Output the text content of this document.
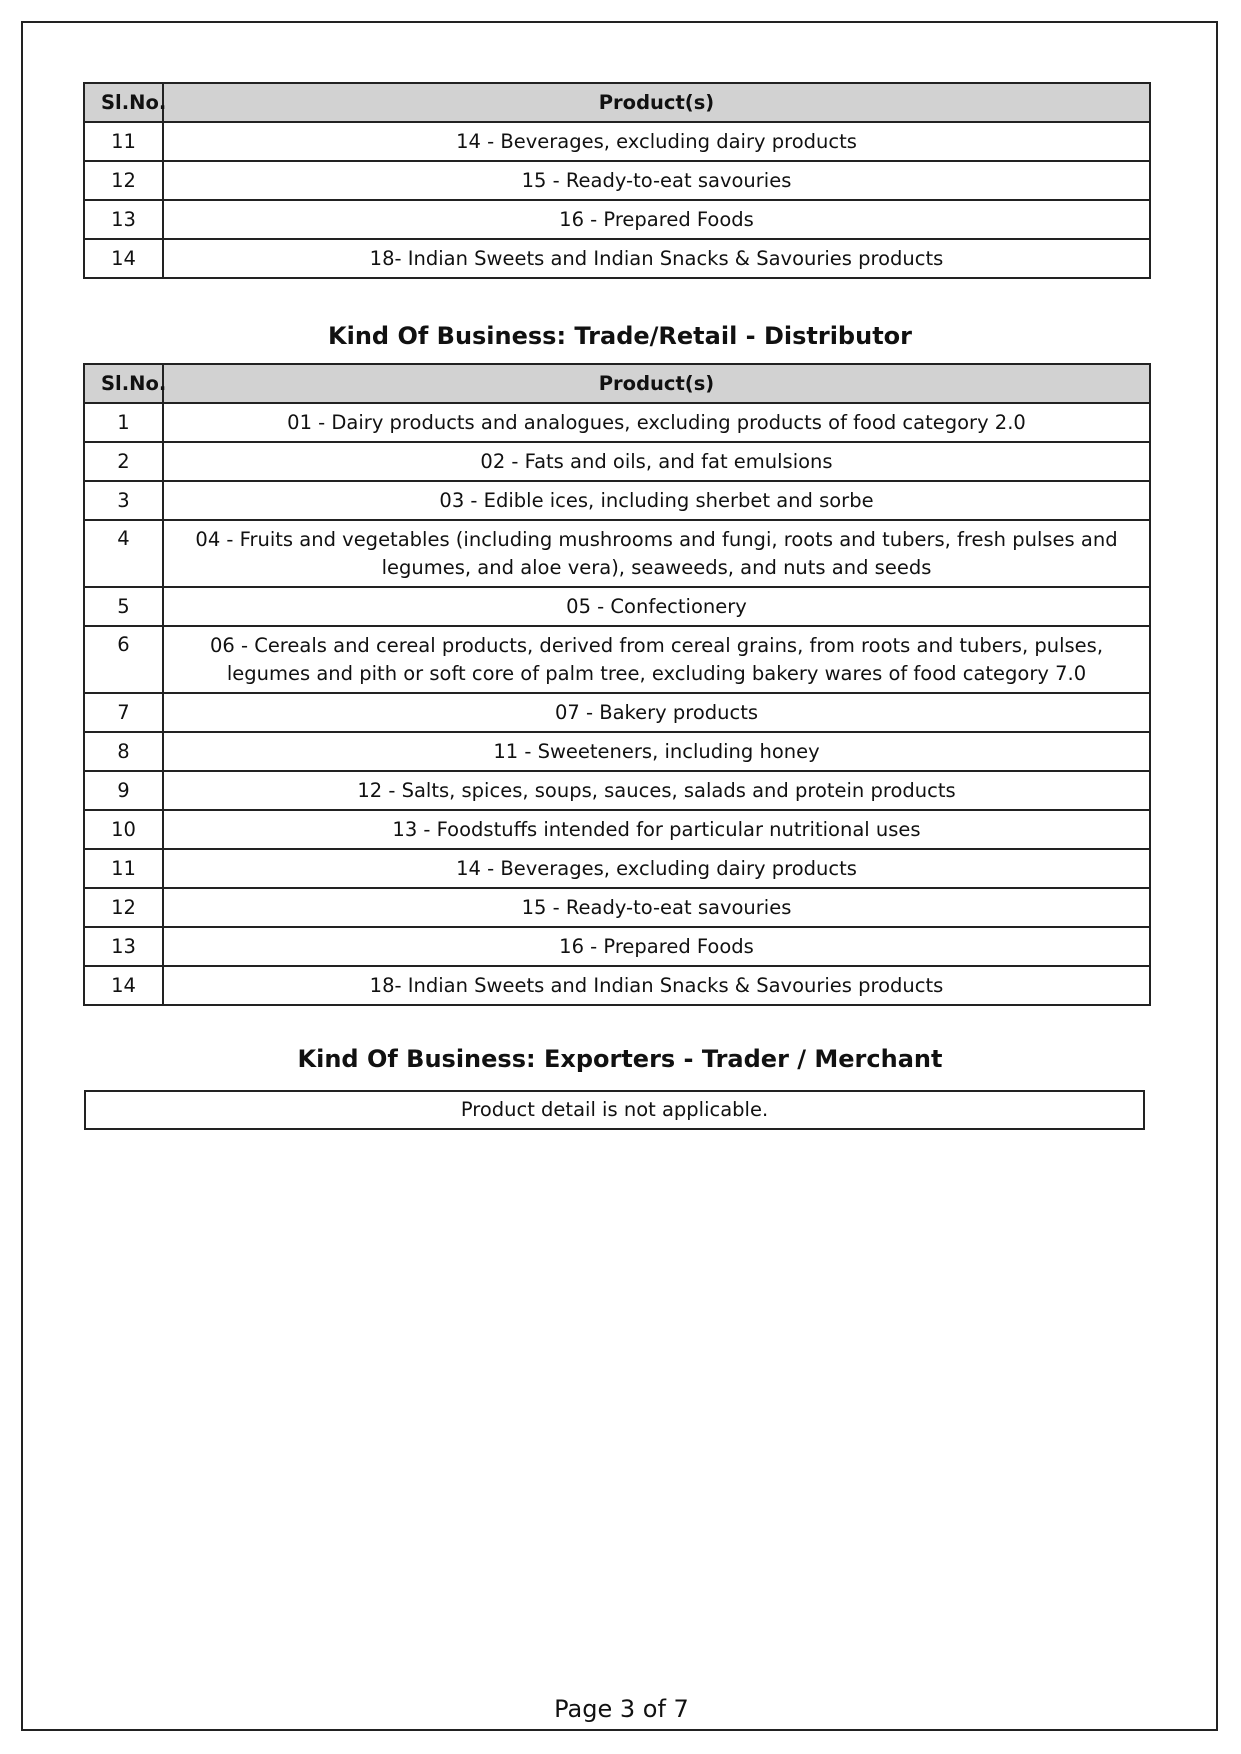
Page 3 of 7
Sl.No.	Product(s)
11	14 - Beverages, excluding dairy products
12	15 - Ready-to-eat savouries
13	16 - Prepared Foods
14	18- Indian Sweets and Indian Snacks & Savouries products
Kind Of Business: Trade/Retail - Distributor
Sl.No.	Product(s)
1	01 - Dairy products and analogues, excluding products of food category 2.0
2	02 - Fats and oils, and fat emulsions
3	03 - Edible ices, including sherbet and sorbe
4	04 - Fruits and vegetables (including mushrooms and fungi, roots and tubers, fresh pulses and legumes, and aloe vera), seaweeds, and nuts and seeds
5	05 - Confectionery
6	06 - Cereals and cereal products, derived from cereal grains, from roots and tubers, pulses, legumes and pith or soft core of palm tree, excluding bakery wares of food category 7.0
7	07 - Bakery products
8	11 - Sweeteners, including honey
9	12 - Salts, spices, soups, sauces, salads and protein products
10	13 - Foodstuffs intended for particular nutritional uses
11	14 - Beverages, excluding dairy products
12	15 - Ready-to-eat savouries
13	16 - Prepared Foods
14	18- Indian Sweets and Indian Snacks & Savouries products
Kind Of Business: Exporters - Trader / Merchant
Product detail is not applicable.
